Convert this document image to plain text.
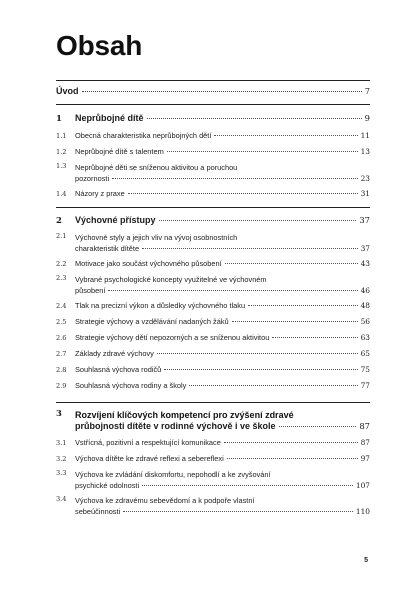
Obsah
Úvod	7
1	Neprůbojné dítě	9
1.1	Obecná charakteristika neprůbojných dětí	11
1.2	Neprůbojné dítě s talentem	13
1.3	Neprůbojné děti se sníženou aktivitou a poruchou
pozornosti	23
1.4	Názory z praxe	31
2	Výchovné přístupy	37
2.1	Výchovné styly a jejich vliv na vývoj osobnostních
charakteristik dítěte	37
2.2	Motivace jako součást výchovného působení	43
2.3	Vybrané psychologické koncepty využitelné ve výchovném
působení	46
2.4	Tlak na precizní výkon a důsledky výchovného tlaku	48
2.5	Strategie výchovy a vzdělávání nadaných žáků	56
2.6	Strategie výchovy dětí nepozorných a se sníženou aktivitou	63
2.7	Základy zdravé výchovy	65
2.8	Souhlasná výchova rodičů	75
2.9	Souhlasná výchova rodiny a školy	77
3	Rozvíjení klíčových kompetencí pro zvýšení zdravé
průbojnosti dítěte v rodinné výchově i ve škole	87
3.1	Vstřícná, pozitivní a respektující komunikace	87
3.2	Výchova dítěte ke zdravé reflexi a sebereflexi	97
3.3	Výchova ke zvládání diskomfortu, nepohodlí a ke zvyšování
psychické odolnosti	107
3.4	Výchova ke zdravému sebevědomí a k podpoře vlastní
sebeúčinnosti	110
5
